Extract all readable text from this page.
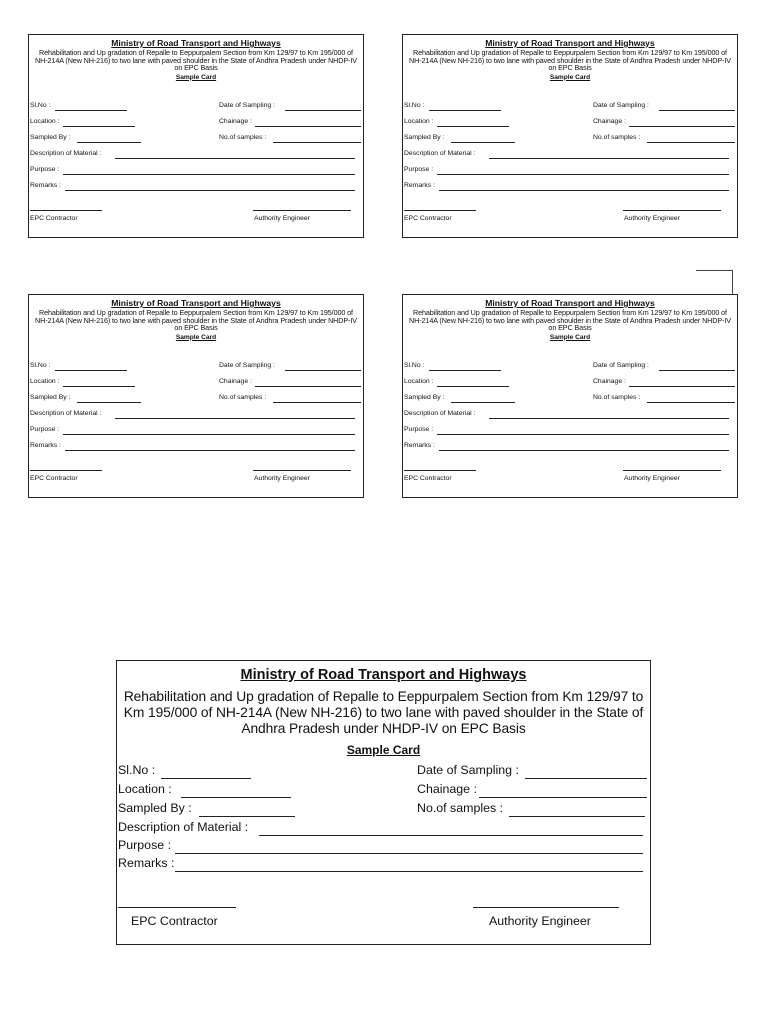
Ministry of Road Transport and Highways
Rehabilitation and Up gradation of Repalle to Eeppurpalem Section from Km 129/97 to Km 195/000 of NH-214A (New NH-216) to two lane with paved shoulder in the State of Andhra Pradesh under NHDP-IV on EPC Basis
Sample Card
Sl.No :	Date of Sampling :
Location :	Chainage :
Sampled By :	No.of samples :
Description of Material :
Purpose :
Remarks :
EPC Contractor	Authority Engineer
Ministry of Road Transport and Highways
Rehabilitation and Up gradation of Repalle to Eeppurpalem Section from Km 129/97 to Km 195/000 of NH-214A (New NH-216) to two lane with paved shoulder in the State of Andhra Pradesh under NHDP-IV on EPC Basis
Sample Card
Sl.No :	Date of Sampling :
Location :	Chainage :
Sampled By :	No.of samples :
Description of Material :
Purpose :
Remarks :
EPC Contractor	Authority Engineer
Ministry of Road Transport and Highways
Rehabilitation and Up gradation of Repalle to Eeppurpalem Section from Km 129/97 to Km 195/000 of NH-214A (New NH-216) to two lane with paved shoulder in the State of Andhra Pradesh under NHDP-IV on EPC Basis
Sample Card
Sl.No :	Date of Sampling :
Location :	Chainage :
Sampled By :	No.of samples :
Description of Material :
Purpose :
Remarks :
EPC Contractor	Authority Engineer
Ministry of Road Transport and Highways
Rehabilitation and Up gradation of Repalle to Eeppurpalem Section from Km 129/97 to Km 195/000 of NH-214A (New NH-216) to two lane with paved shoulder in the State of Andhra Pradesh under NHDP-IV on EPC Basis
Sample Card
Sl.No :	Date of Sampling :
Location :	Chainage :
Sampled By :	No.of samples :
Description of Material :
Purpose :
Remarks :
EPC Contractor	Authority Engineer
Ministry of Road Transport and Highways
Rehabilitation and Up gradation of Repalle to Eeppurpalem Section from Km 129/97 to Km 195/000 of NH-214A (New NH-216) to two lane with paved shoulder in the State of Andhra Pradesh under NHDP-IV on EPC Basis
Sample Card
Sl.No :	Date of Sampling :
Location :	Chainage :
Sampled By :	No.of samples :
Description of Material :
Purpose :
Remarks :
EPC Contractor	Authority Engineer
